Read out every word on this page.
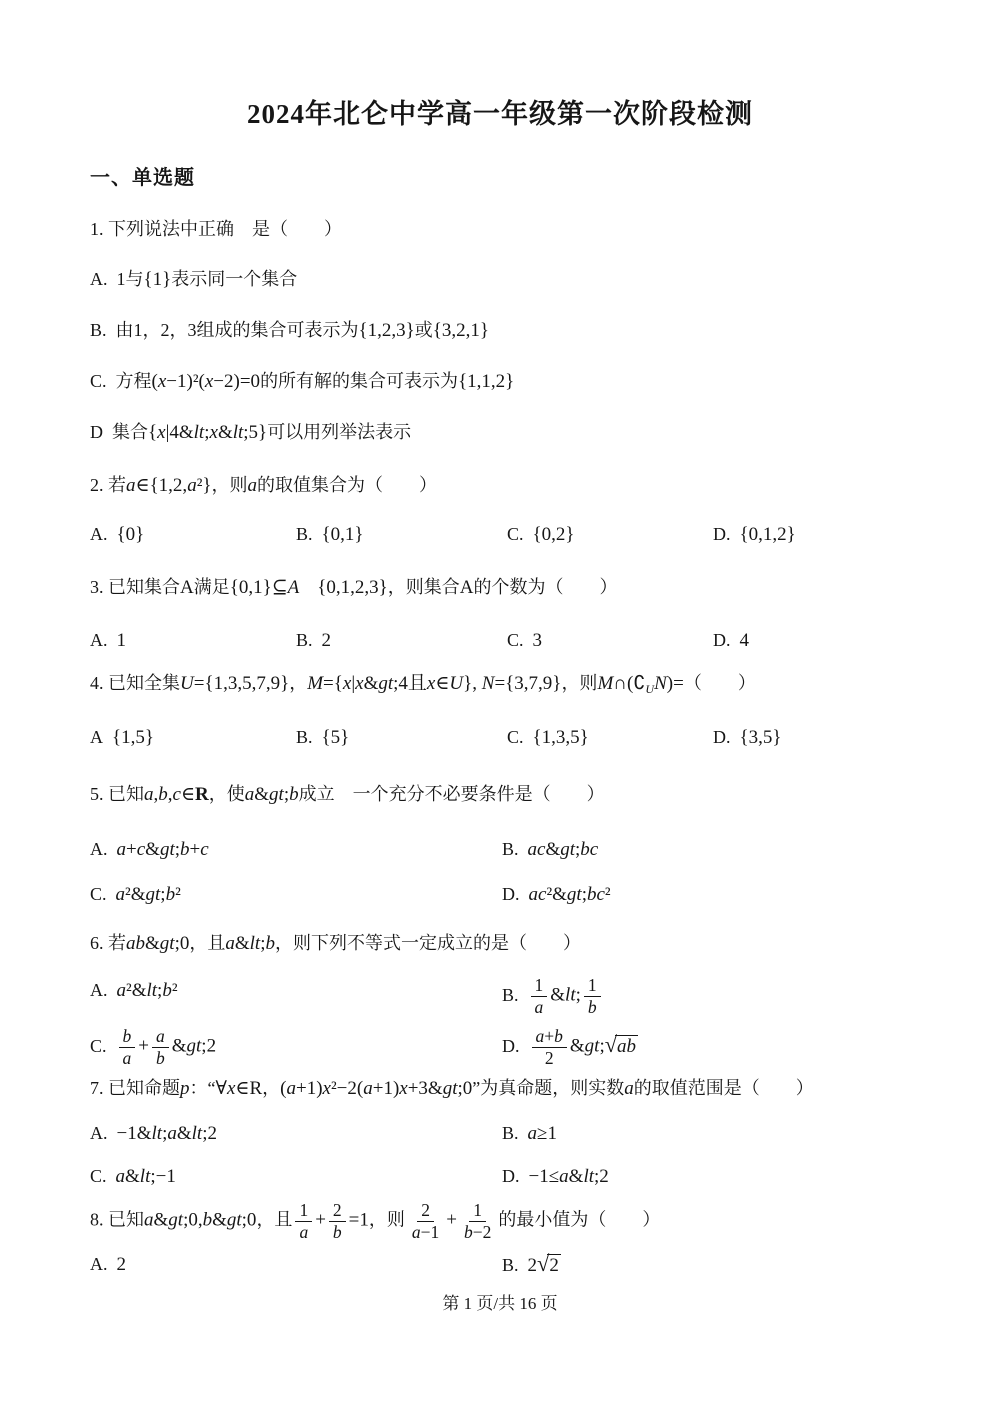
2024年北仑中学高一年级第一次阶段检测
一、单选题
1. 下列说法中正确　是（　　）
A. 1与{1}表示同一个集合
B. 由1，2，3组成的集合可表示为{1,2,3}或{3,2,1}
C. 方程(x−1)²(x−2)=0的所有解的集合可表示为{1,1,2}
D 集合{x|4&lt;x&lt;5}可以用列举法表示
2. 若a∈{1,2,a²}，则a的取值集合为（　　）
A. {0}	B. {0,1}	C. {0,2}	D. {0,1,2}
3. 已知集合A满足{0,1}⊆A　 {0,1,2,3}，则集合A的个数为（　　）
A. 1	B. 2	C. 3	D. 4
4. 已知全集U={1,3,5,7,9}，M={x|x&gt;4且x∈U}, N={3,7,9}，则$M\cap(∁_UN)=$（　　）
A {1,5}	B. {5}	C. {1,3,5}	D. {3,5}
5. 已知a,b,c∈R，使a&gt;b成立　一个充分不必要条件是（　　）
A. a+c&gt;b+c	B. ac&gt;bc
C. a²&gt;b²	D. ac²&gt;bc²
6. 若ab&gt;0，且a&lt;b，则下列不等式一定成立的是（　　）
A. a²&lt;b²	B. $\frac{1}{a}$ &lt; $\frac{1}{b}$
C. $\frac{b}{a} + \frac{a}{b}$ &gt;2	D. $\frac{a+b}{2}$ &gt;√ab
7. 已知命题p：“∀x∈R，(a+1)x²−2(a+1)x+3&gt;0”为真命题，则实数a的取值范围是（　　）
A. −1&lt;a&lt;2	B. a≥1
C. a&lt;−1	D. −1≤a&lt;2
8. 已知a&gt;0,b&gt;0，且 $\frac{1}{a} + \frac{2}{b} =1$，则 $\frac{2}{a-1} + \frac{1}{b-2}$ 的最小值为（　　）
A. 2	B. 2√2
第 1 页/共 16 页
